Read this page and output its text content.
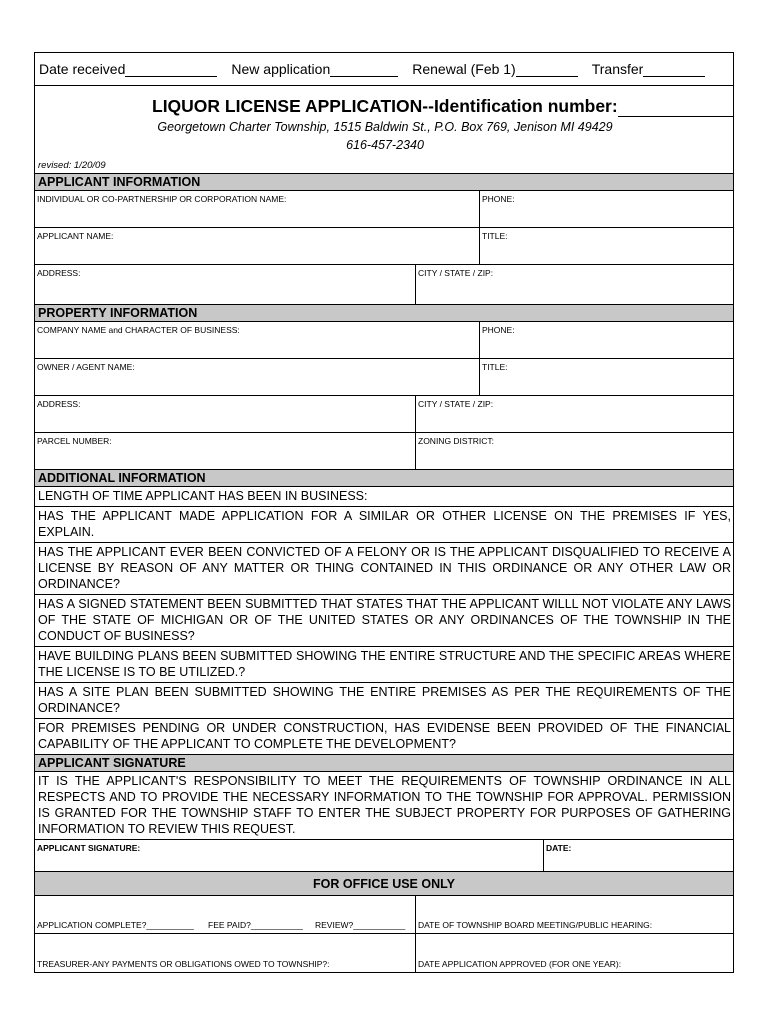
Date received	New application	Renewal (Feb 1)	Transfer
LIQUOR LICENSE APPLICATION--Identification number:
Georgetown Charter Township, 1515 Baldwin St., P.O. Box 769, Jenison MI 49429
616-457-2340
revised: 1/20/09
APPLICANT INFORMATION
INDIVIDUAL OR CO-PARTNERSHIP OR CORPORATION NAME:	PHONE:
APPLICANT NAME:	TITLE:
ADDRESS:	CITY / STATE / ZIP:
PROPERTY INFORMATION
COMPANY NAME and CHARACTER OF BUSINESS:	PHONE:
OWNER / AGENT NAME:	TITLE:
ADDRESS:	CITY / STATE / ZIP:
PARCEL NUMBER:	ZONING DISTRICT:
ADDITIONAL INFORMATION
LENGTH OF TIME APPLICANT HAS BEEN IN BUSINESS:
HAS THE APPLICANT MADE APPLICATION FOR A SIMILAR OR OTHER LICENSE ON THE PREMISES IF YES, EXPLAIN.
HAS THE APPLICANT EVER BEEN CONVICTED OF A FELONY OR IS THE APPLICANT DISQUALIFIED TO RECEIVE A LICENSE BY REASON OF ANY MATTER OR THING CONTAINED IN THIS ORDINANCE OR ANY OTHER LAW OR ORDINANCE?
HAS A SIGNED STATEMENT BEEN SUBMITTED THAT STATES THAT THE APPLICANT WILLL NOT VIOLATE ANY LAWS OF THE STATE OF MICHIGAN OR OF THE UNITED STATES OR ANY ORDINANCES OF THE TOWNSHIP IN THE CONDUCT OF BUSINESS?
HAVE BUILDING PLANS BEEN SUBMITTED SHOWING THE ENTIRE STRUCTURE AND THE SPECIFIC AREAS WHERE THE LICENSE IS TO BE UTILIZED.?
HAS A SITE PLAN BEEN SUBMITTED SHOWING THE ENTIRE PREMISES AS PER THE REQUIREMENTS OF THE ORDINANCE?
FOR PREMISES PENDING OR UNDER CONSTRUCTION, HAS EVIDENSE BEEN PROVIDED OF THE FINANCIAL CAPABILITY OF THE APPLICANT TO COMPLETE THE DEVELOPMENT?
APPLICANT SIGNATURE
IT IS THE APPLICANT'S RESPONSIBILITY TO MEET THE REQUIREMENTS OF TOWNSHIP ORDINANCE IN ALL RESPECTS AND TO PROVIDE THE NECESSARY INFORMATION TO THE TOWNSHIP FOR APPROVAL. PERMISSION IS GRANTED FOR THE TOWNSHIP STAFF TO ENTER THE SUBJECT PROPERTY FOR PURPOSES OF GATHERING INFORMATION TO REVIEW THIS REQUEST.
APPLICANT SIGNATURE:	DATE:
FOR OFFICE USE ONLY
APPLICATION COMPLETE?__________ FEE PAID?___________ REVIEW?___________ DATE OF TOWNSHIP BOARD MEETING/PUBLIC HEARING:
TREASURER-ANY PAYMENTS OR OBLIGATIONS OWED TO TOWNSHIP?:	DATE APPLICATION APPROVED (FOR ONE YEAR):
